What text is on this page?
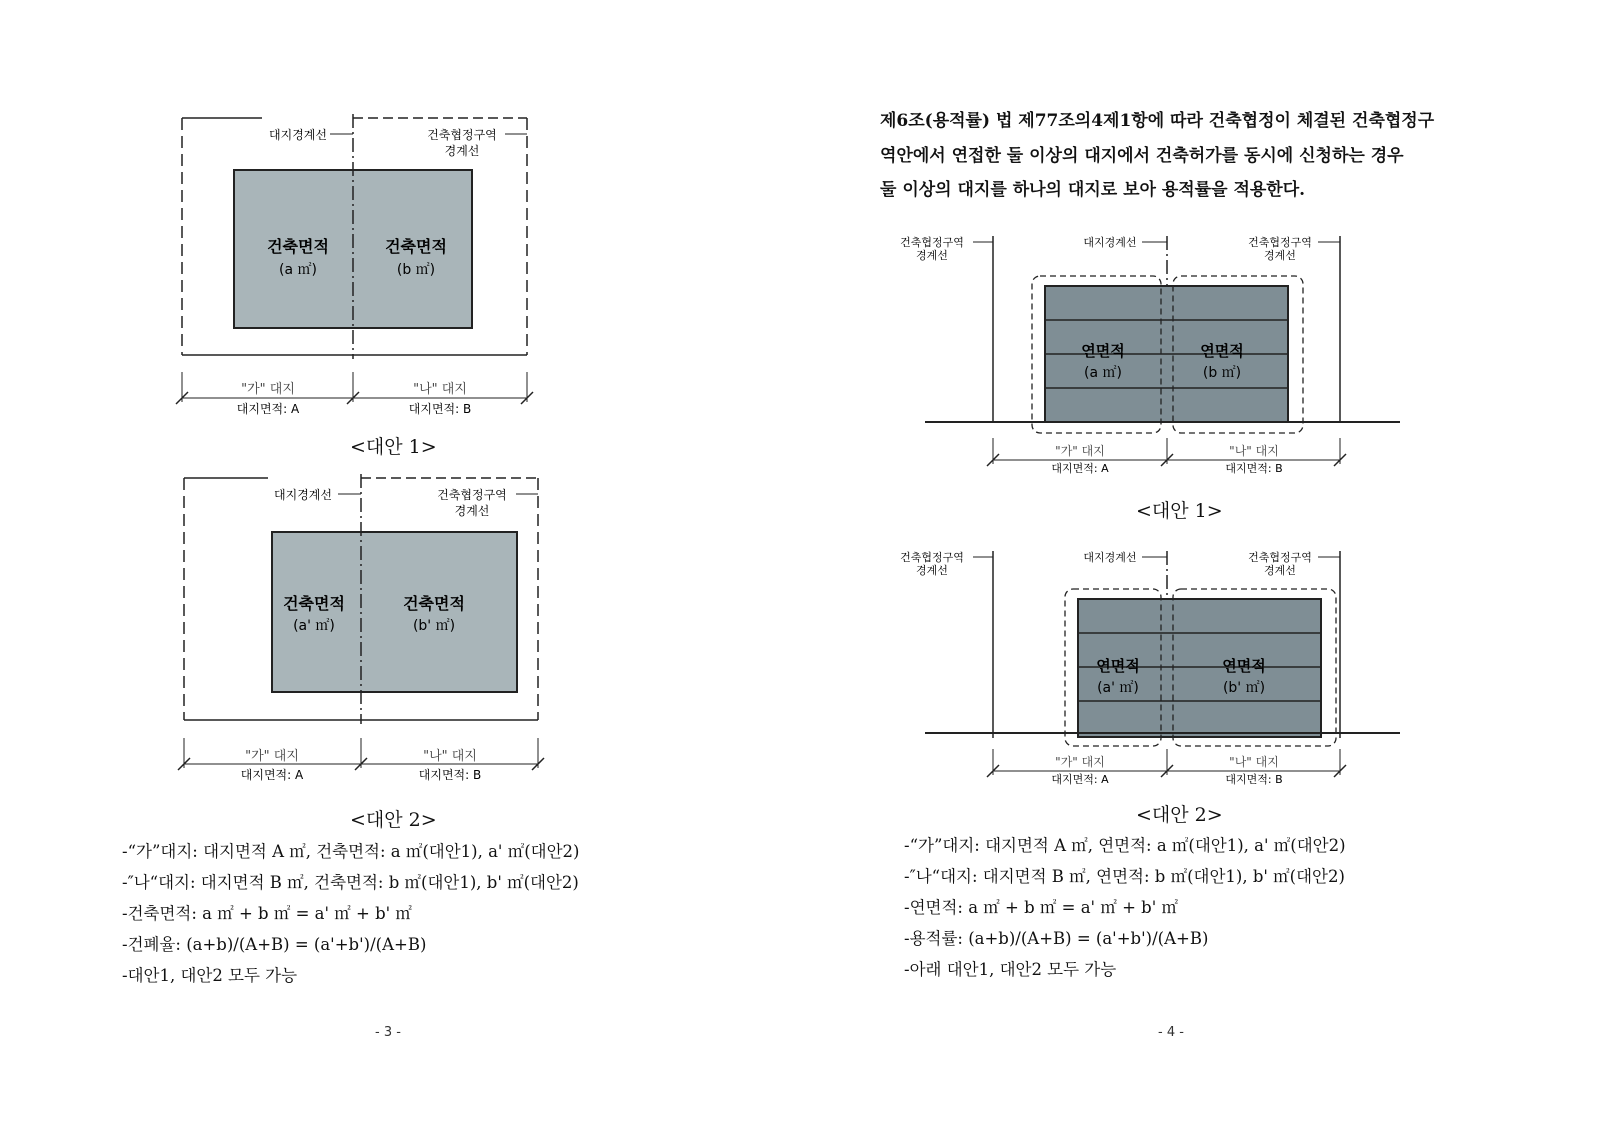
대지경계선	건축협정구역
경계선
건축면적
(a ㎡)
건축면적
(b ㎡)
"가" 대지
대지면적: A
"나" 대지
대지면적: B
<대안 1>
대지경계선	건축협정구역
경계선
건축면적
(a' ㎡)
건축면적
(b' ㎡)
"가" 대지
대지면적: A
"나" 대지
대지면적: B
<대안 2>
-“가”대지: 대지면적 A ㎡, 건축면적: a ㎡(대안1), a' ㎡(대안2)
-″나“대지: 대지면적 B ㎡, 건축면적: b ㎡(대안1), b' ㎡(대안2)
-건축면적: a ㎡ + b ㎡ = a' ㎡ + b' ㎡
-건폐율: (a+b)/(A+B) = (a'+b')/(A+B)
-대안1, 대안2 모두 가능
- 3 -

제6조(용적률) 법 제77조의4제1항에 따라 건축협정이 체결된 건축협정구
역안에서 연접한 둘 이상의 대지에서 건축허가를 동시에 신청하는 경우
둘 이상의 대지를 하나의 대지로 보아 용적률을 적용한다.

건축협정구역
경계선
대지경계선	건축협정구역
경계선
연면적
(a ㎡)
연면적
(b ㎡)
"가" 대지
대지면적: A
"나" 대지
대지면적: B
<대안 1>
건축협정구역
경계선
대지경계선	건축협정구역
경계선
연면적
(a' ㎡)
연면적
(b' ㎡)
"가" 대지
대지면적: A
"나" 대지
대지면적: B
<대안 2>
-“가”대지: 대지면적 A ㎡, 연면적: a ㎡(대안1), a' ㎡(대안2)
-″나“대지: 대지면적 B ㎡, 연면적: b ㎡(대안1), b' ㎡(대안2)
-연면적: a ㎡ + b ㎡ = a' ㎡ + b' ㎡
-용적률: (a+b)/(A+B) = (a'+b')/(A+B)
-아래 대안1, 대안2 모두 가능
- 4 -
